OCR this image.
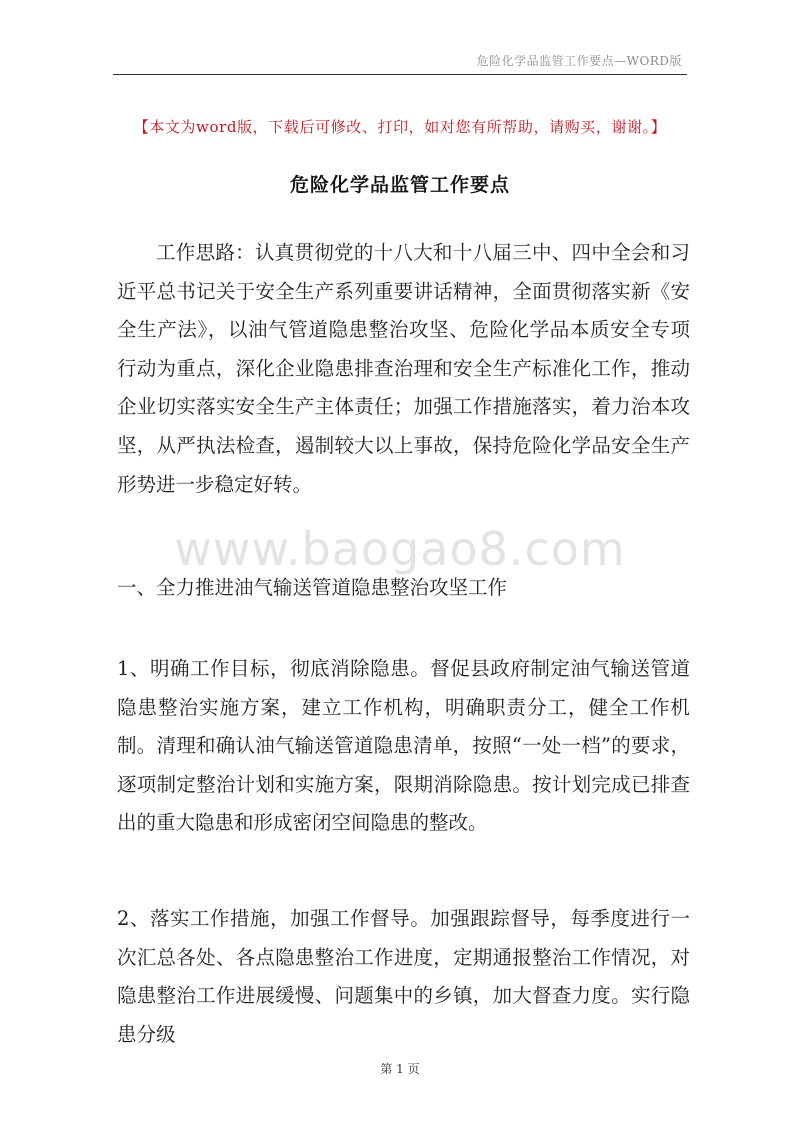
危险化学品监管工作要点—WORD版
【本文为word版，下载后可修改、打印，如对您有所帮助，请购买，谢谢。】
危险化学品监管工作要点

工作思路：认真贯彻党的十八大和十八届三中、四中全会和习近平总书记关于安全生产系列重要讲话精神，全面贯彻落实新《安全生产法》，以油气管道隐患整治攻坚、危险化学品本质安全专项行动为重点，深化企业隐患排查治理和安全生产标准化工作，推动企业切实落实安全生产主体责任；加强工作措施落实，着力治本攻坚，从严执法检查，遏制较大以上事故，保持危险化学品安全生产形势进一步稳定好转。

www.baogao8.com

一、全力推进油气输送管道隐患整治攻坚工作

1、明确工作目标，彻底消除隐患。督促县政府制定油气输送管道隐患整治实施方案，建立工作机构，明确职责分工，健全工作机制。清理和确认油气输送管道隐患清单，按照“一处一档”的要求，逐项制定整治计划和实施方案，限期消除隐患。按计划完成已排查出的重大隐患和形成密闭空间隐患的整改。

2、落实工作措施，加强工作督导。加强跟踪督导，每季度进行一次汇总各处、各点隐患整治工作进度，定期通报整治工作情况，对隐患整治工作进展缓慢、问题集中的乡镇，加大督查力度。实行隐患分级

第 1 页
